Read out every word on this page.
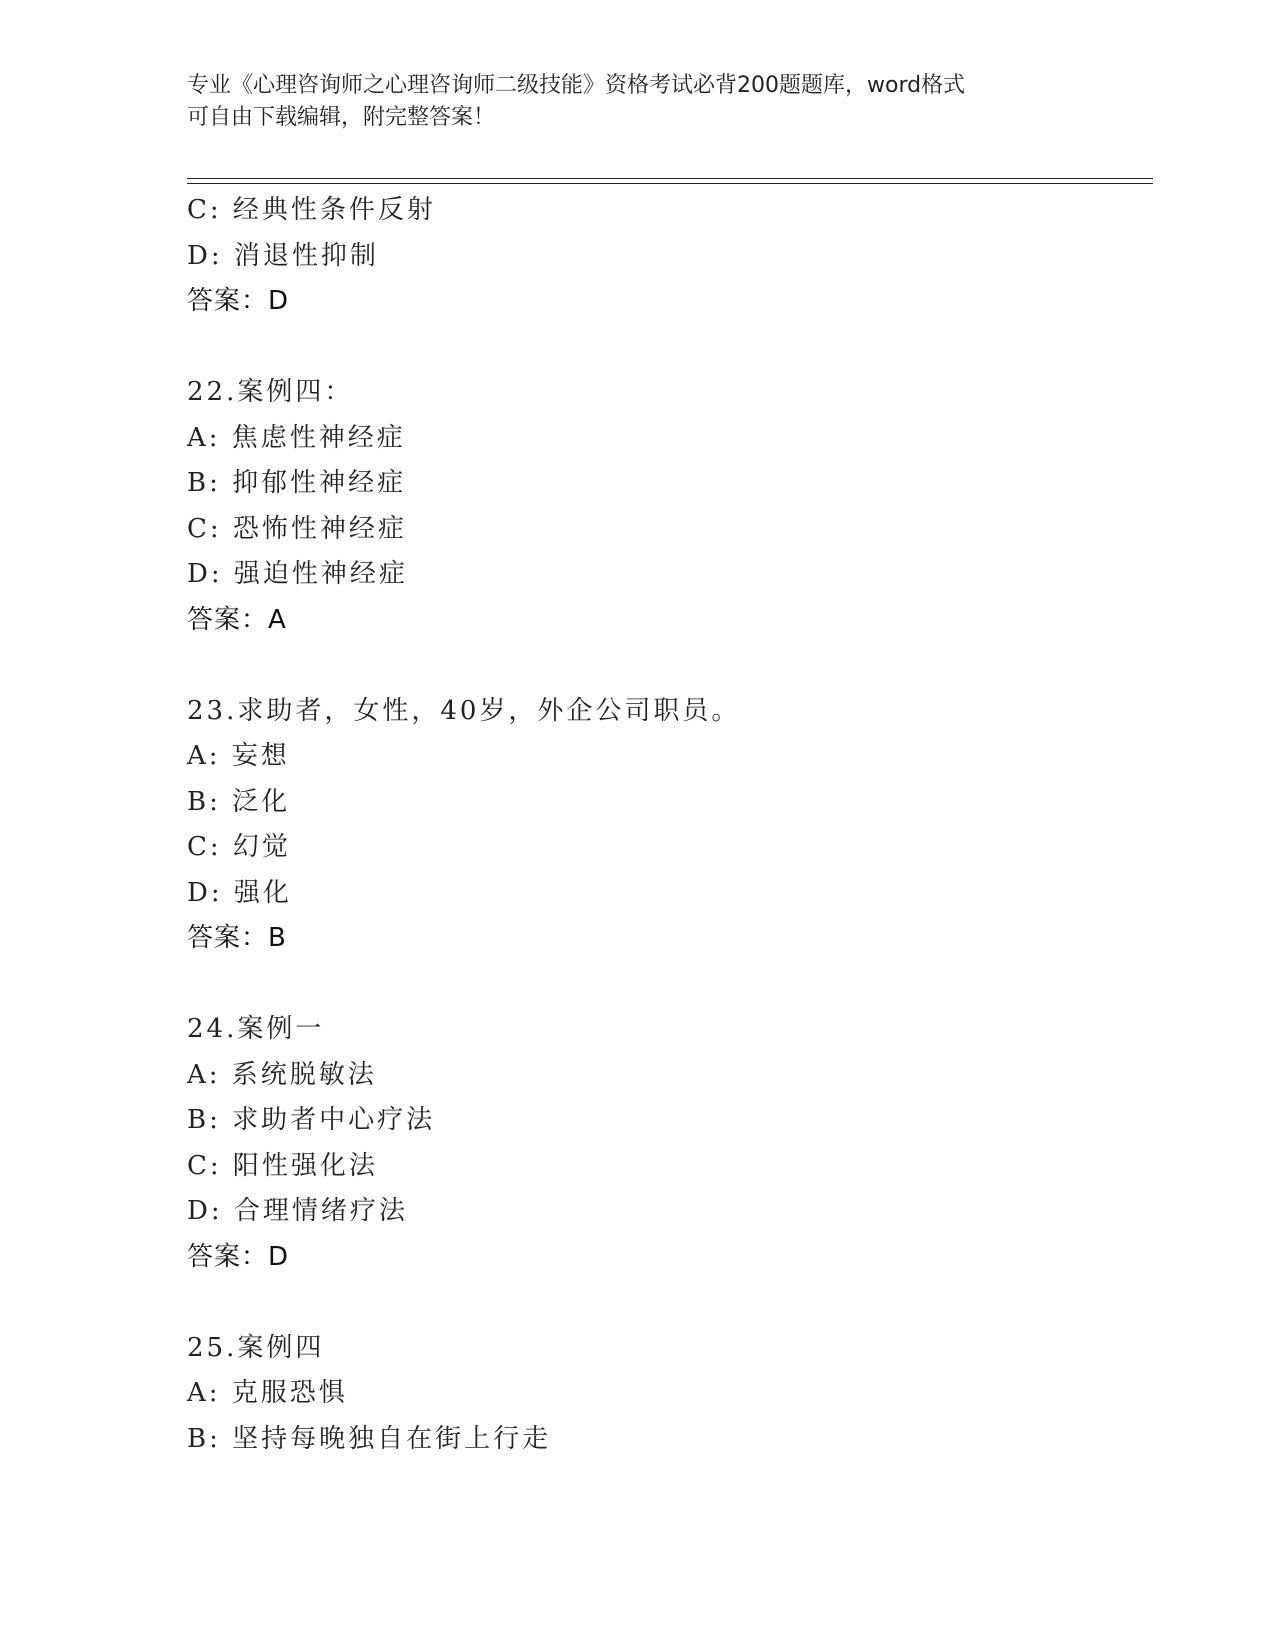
专业《心理咨询师之心理咨询师二级技能》资格考试必背200题题库，word格式
可自由下载编辑，附完整答案！
C: 经典性条件反射
D: 消退性抑制
答案：D
22.案例四：
A: 焦虑性神经症
B: 抑郁性神经症
C: 恐怖性神经症
D: 强迫性神经症
答案：A
23.求助者，女性，40岁，外企公司职员。
A: 妄想
B: 泛化
C: 幻觉
D: 强化
答案：B
24.案例一
A: 系统脱敏法
B: 求助者中心疗法
C: 阳性强化法
D: 合理情绪疗法
答案：D
25.案例四
A: 克服恐惧
B: 坚持每晚独自在街上行走
